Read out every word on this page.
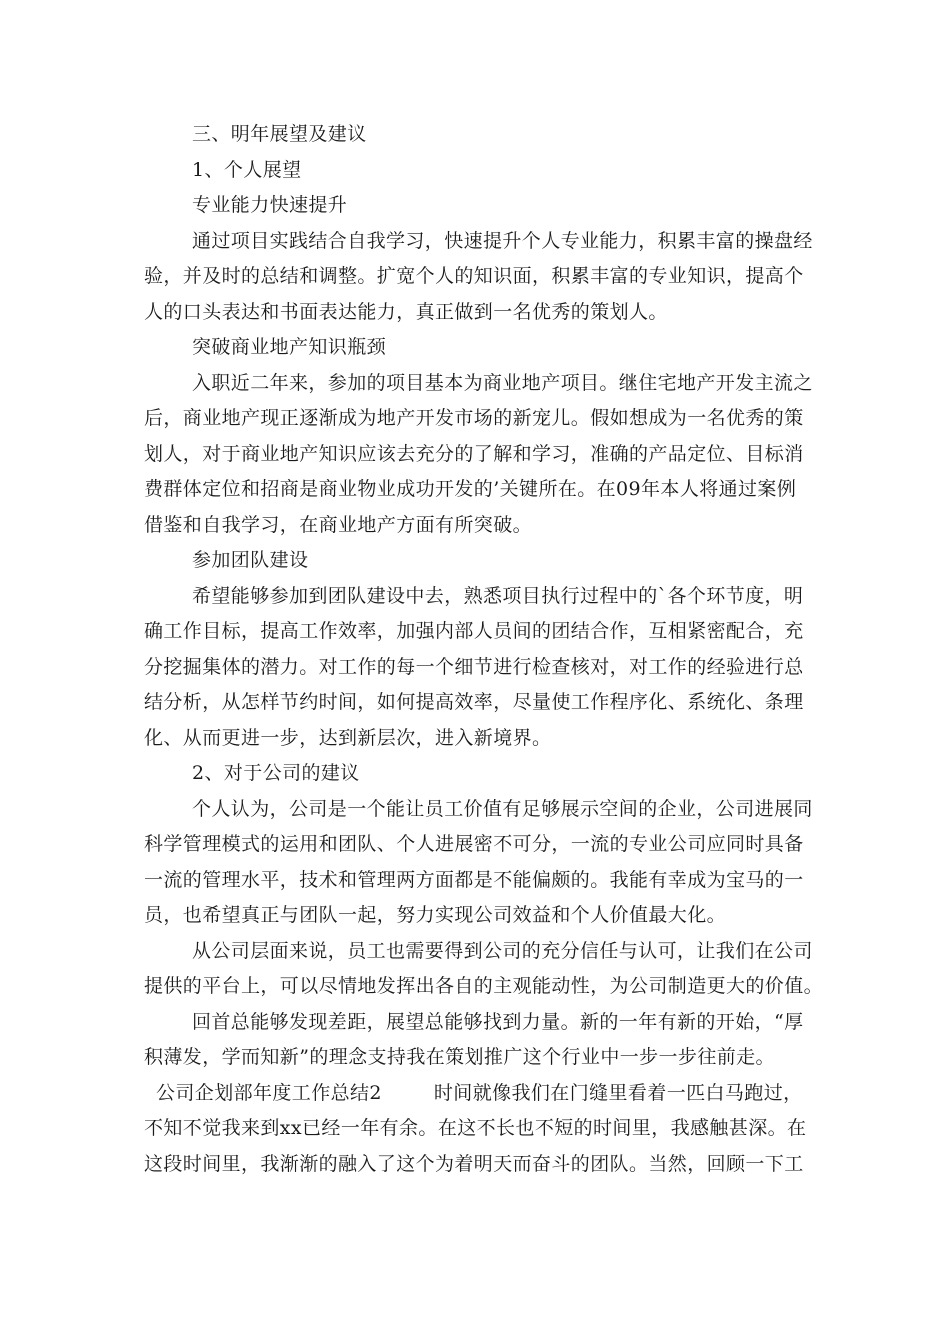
三、明年展望及建议
1、个人展望
专业能力快速提升
通过项目实践结合自我学习，快速提升个人专业能力，积累丰富的操盘经
验，并及时的总结和调整。扩宽个人的知识面，积累丰富的专业知识，提高个
人的口头表达和书面表达能力，真正做到一名优秀的策划人。
突破商业地产知识瓶颈
入职近二年来，参加的项目基本为商业地产项目。继住宅地产开发主流之
后，商业地产现正逐渐成为地产开发市场的新宠儿。假如想成为一名优秀的策
划人，对于商业地产知识应该去充分的了解和学习，准确的产品定位、目标消
费群体定位和招商是商业物业成功开发的’关键所在。在09年本人将通过案例
借鉴和自我学习，在商业地产方面有所突破。
参加团队建设
希望能够参加到团队建设中去，熟悉项目执行过程中的`各个环节度，明
确工作目标，提高工作效率，加强内部人员间的团结合作，互相紧密配合，充
分挖掘集体的潜力。对工作的每一个细节进行检查核对，对工作的经验进行总
结分析，从怎样节约时间，如何提高效率，尽量使工作程序化、系统化、条理
化、从而更进一步，达到新层次，进入新境界。
2、对于公司的建议
个人认为，公司是一个能让员工价值有足够展示空间的企业，公司进展同
科学管理模式的运用和团队、个人进展密不可分，一流的专业公司应同时具备
一流的管理水平，技术和管理两方面都是不能偏颇的。我能有幸成为宝马的一
员，也希望真正与团队一起，努力实现公司效益和个人价值最大化。
从公司层面来说，员工也需要得到公司的充分信任与认可，让我们在公司
提供的平台上，可以尽情地发挥出各自的主观能动性，为公司制造更大的价值。
回首总能够发现差距，展望总能够找到力量。新的一年有新的开始，“厚
积薄发，学而知新”的理念支持我在策划推广这个行业中一步一步往前走。
公司企划部年度工作总结2	时间就像我们在门缝里看着一匹白马跑过，
不知不觉我来到xx已经一年有余。在这不长也不短的时间里，我感触甚深。在
这段时间里，我渐渐的融入了这个为着明天而奋斗的团队。当然，回顾一下工
